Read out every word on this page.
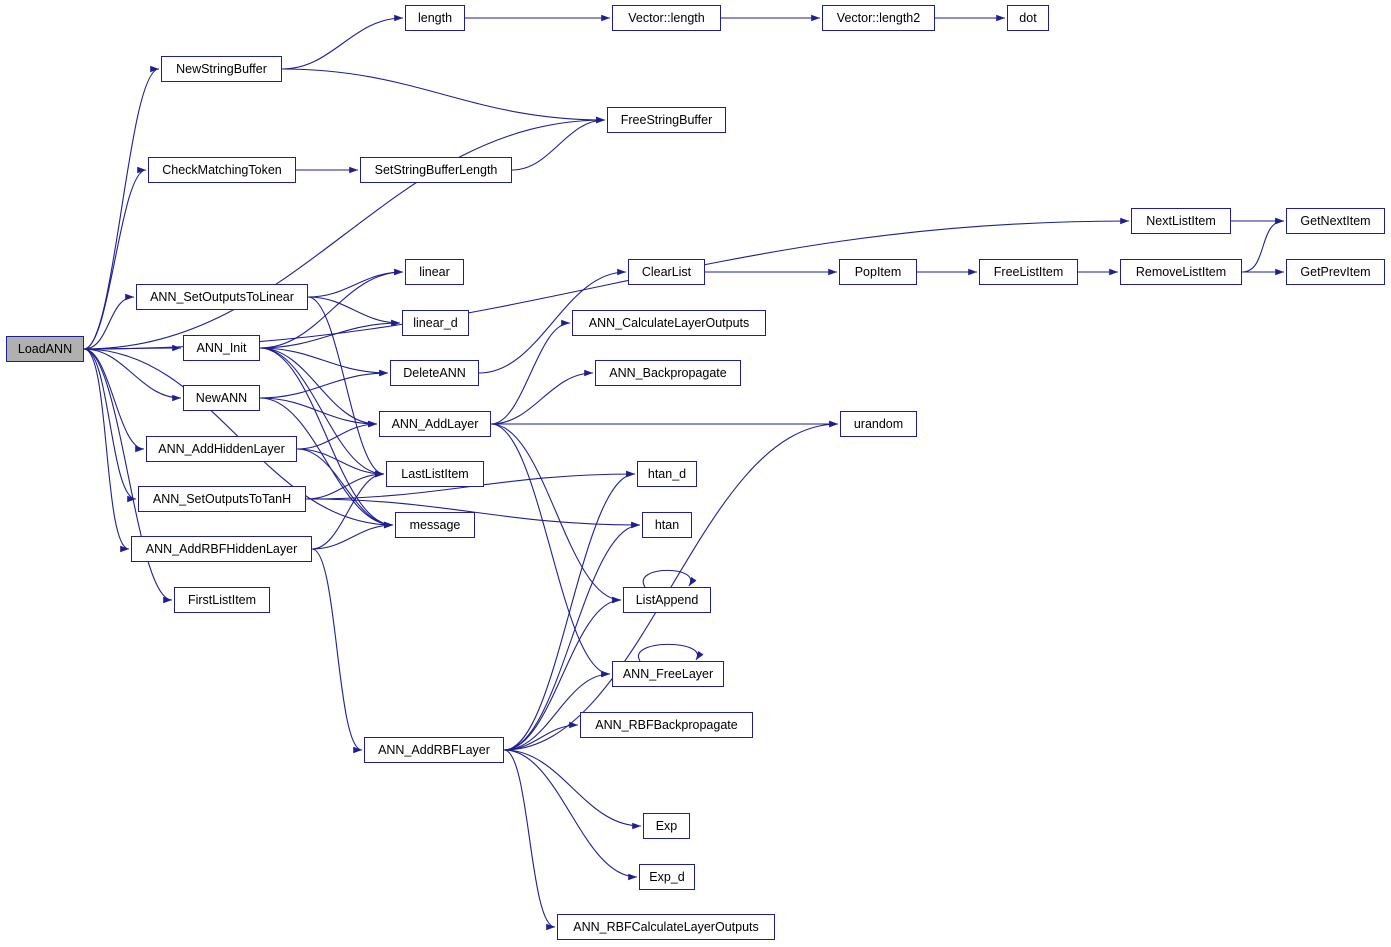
LoadANN
NewStringBuffer
length	Vector::length	Vector::length2	dot
FreeStringBuffer
CheckMatchingToken	SetStringBufferLength
NextListItem	GetNextItem
GetPrevItem
RemoveListItem
FreeListItem
PopItem
ClearList
ANN_SetOutputsToLinear
linear
ANN_CalculateLayerOutputs
linear_d
ANN_Init
DeleteANN	ANN_Backpropagate
NewANN
ANN_AddLayer	urandom
ANN_AddHiddenLayer
LastListItem	htan_d
ANN_SetOutputsToTanH
message	htan
ANN_AddRBFHiddenLayer
ListAppend
FirstListItem
ANN_FreeLayer
ANN_RBFBackpropagate
ANN_AddRBFLayer
Exp
Exp_d
ANN_RBFCalculateLayerOutputs
